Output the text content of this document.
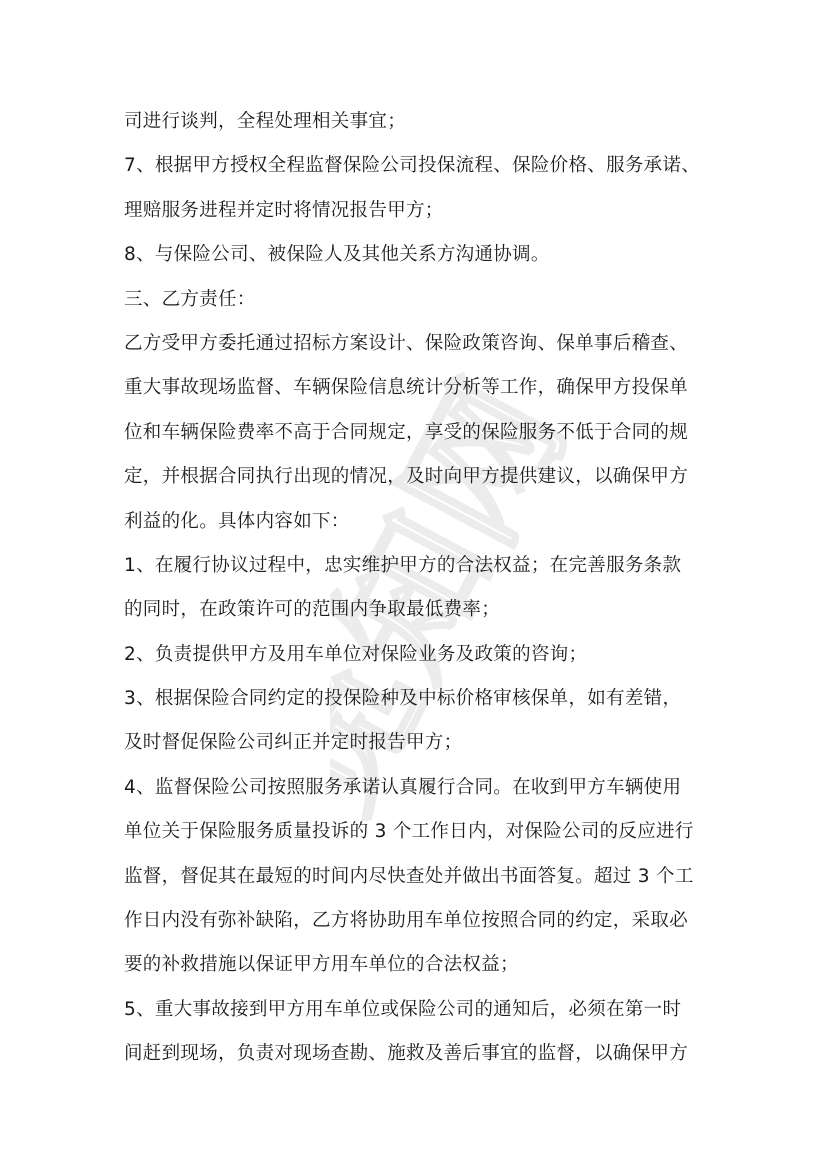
觅知网
司进行谈判，全程处理相关事宜；
7、根据甲方授权全程监督保险公司投保流程、保险价格、服务承诺、
理赔服务进程并定时将情况报告甲方；
8、与保险公司、被保险人及其他关系方沟通协调。
三、乙方责任：
乙方受甲方委托通过招标方案设计、保险政策咨询、保单事后稽查、
重大事故现场监督、车辆保险信息统计分析等工作，确保甲方投保单
位和车辆保险费率不高于合同规定，享受的保险服务不低于合同的规
定，并根据合同执行出现的情况，及时向甲方提供建议，以确保甲方
利益的化。具体内容如下：
1、在履行协议过程中，忠实维护甲方的合法权益；在完善服务条款
的同时，在政策许可的范围内争取最低费率；
2、负责提供甲方及用车单位对保险业务及政策的咨询；
3、根据保险合同约定的投保险种及中标价格审核保单，如有差错，
及时督促保险公司纠正并定时报告甲方；
4、监督保险公司按照服务承诺认真履行合同。在收到甲方车辆使用
单位关于保险服务质量投诉的 3 个工作日内，对保险公司的反应进行
监督，督促其在最短的时间内尽快查处并做出书面答复。超过 3 个工
作日内没有弥补缺陷，乙方将协助用车单位按照合同的约定，采取必
要的补救措施以保证甲方用车单位的合法权益；
5、重大事故接到甲方用车单位或保险公司的通知后，必须在第一时
间赶到现场，负责对现场查勘、施救及善后事宜的监督，以确保甲方
